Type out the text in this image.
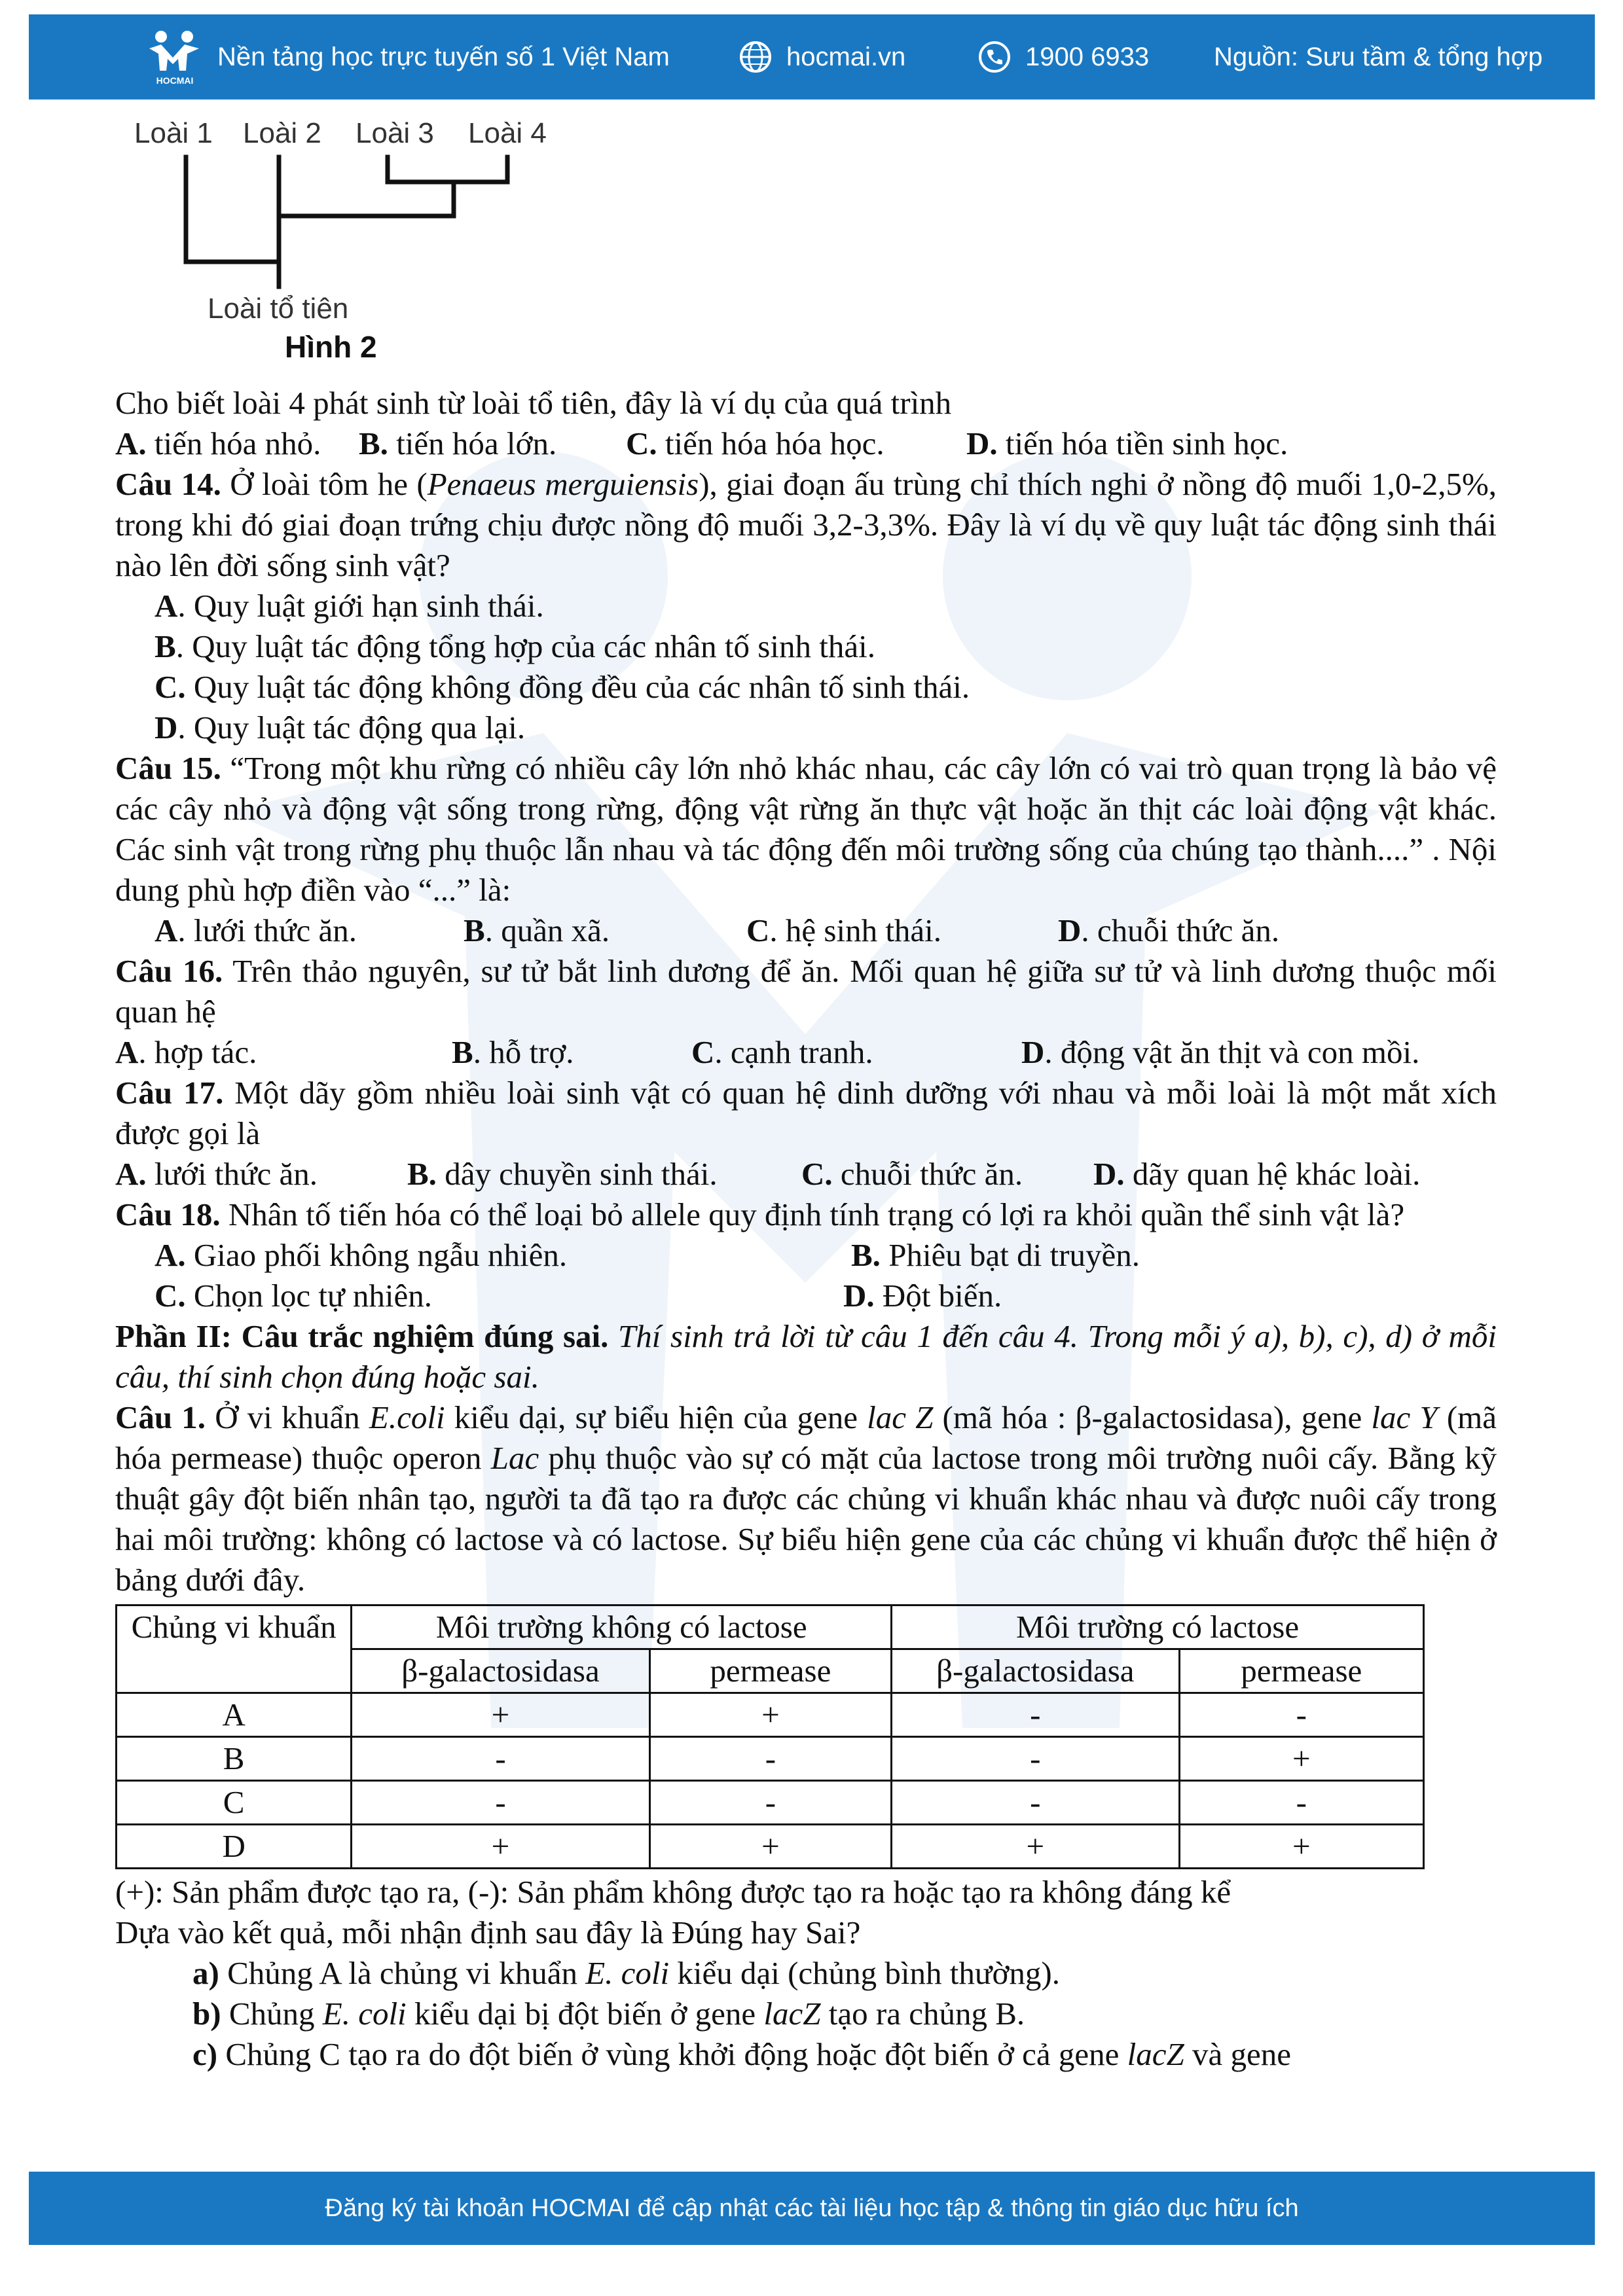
HOCMAI
Nền tảng học trực tuyến số 1 Việt Nam	hocmai.vn	1900 6933 Nguồn: Sưu tầm & tổng hợp
Loài 1 Loài 2 Loài 3 Loài 4
Loài tổ tiên
Hình 2

Cho biết loài 4 phát sinh từ loài tổ tiên, đây là ví dụ của quá trình

A. tiến hóa nhỏ.	B. tiến hóa lớn.	C. tiến hóa hóa học.	D. tiến hóa tiền sinh học.

Câu 14. Ở loài tôm he (Penaeus merguiensis), giai đoạn ấu trùng chỉ thích nghi ở nồng độ muối 1,0-2,5%, trong khi đó giai đoạn trứng chịu được nồng độ muối 3,2-3,3%. Đây là ví dụ về quy luật tác động sinh thái nào lên đời sống sinh vật?

A. Quy luật giới hạn sinh thái.

B. Quy luật tác động tổng hợp của các nhân tố sinh thái.

C. Quy luật tác động không đồng đều của các nhân tố sinh thái.

D. Quy luật tác động qua lại.

Câu 15. “Trong một khu rừng có nhiều cây lớn nhỏ khác nhau, các cây lớn có vai trò quan trọng là bảo vệ các cây nhỏ và động vật sống trong rừng, động vật rừng ăn thực vật hoặc ăn thịt các loài động vật khác. Các sinh vật trong rừng phụ thuộc lẫn nhau và tác động đến môi trường sống của chúng tạo thành....” . Nội dung phù hợp điền vào “...” là:

A. lưới thức ăn.	B. quần xã.	C. hệ sinh thái.	D. chuỗi thức ăn.

Câu 16. Trên thảo nguyên, sư tử bắt linh dương để ăn. Mối quan hệ giữa sư tử và linh dương thuộc mối quan hệ

A. hợp tác.	B. hỗ trợ.	C. cạnh tranh.	D. động vật ăn thịt và con mồi.

Câu 17. Một dãy gồm nhiều loài sinh vật có quan hệ dinh dưỡng với nhau và mỗi loài là một mắt xích được gọi là

A. lưới thức ăn.	B. dây chuyền sinh thái.	C. chuỗi thức ăn.	D. dãy quan hệ khác loài.

Câu 18. Nhân tố tiến hóa có thể loại bỏ allele quy định tính trạng có lợi ra khỏi quần thể sinh vật là?

A. Giao phối không ngẫu nhiên.	B. Phiêu bạt di truyền.

C. Chọn lọc tự nhiên.	D. Đột biến.

Phần II: Câu trắc nghiệm đúng sai. Thí sinh trả lời từ câu 1 đến câu 4. Trong mỗi ý a), b), c), d) ở mỗi câu, thí sinh chọn đúng hoặc sai.

Câu 1. Ở vi khuẩn E.coli kiểu dại, sự biểu hiện của gene lac Z (mã hóa : β-galactosidasa), gene lac Y (mã hóa permease) thuộc operon Lac phụ thuộc vào sự có mặt của lactose trong môi trường nuôi cấy. Bằng kỹ thuật gây đột biến nhân tạo, người ta đã tạo ra được các chủng vi khuẩn khác nhau và được nuôi cấy trong hai môi trường: không có lactose và có lactose. Sự biểu hiện gene của các chủng vi khuẩn được thể hiện ở bảng dưới đây.

Chủng vi khuẩn	Môi trường không có lactose		Môi trường có lactose	
	β-galactosidasa	permease	β-galactosidasa	permease
A	+	+	-	-
B	-	-	-	+
C	-	-	-	-
D	+	+	+	+

(+): Sản phẩm được tạo ra, (-): Sản phẩm không được tạo ra hoặc tạo ra không đáng kể

Dựa vào kết quả, mỗi nhận định sau đây là Đúng hay Sai?

a) Chủng A là chủng vi khuẩn E. coli kiểu dại (chủng bình thường).

b) Chủng E. coli kiểu dại bị đột biến ở gene lacZ tạo ra chủng B.

c) Chủng C tạo ra do đột biến ở vùng khởi động hoặc đột biến ở cả gene lacZ và gene

Đăng ký tài khoản HOCMAI để cập nhật các tài liệu học tập & thông tin giáo dục hữu ích
